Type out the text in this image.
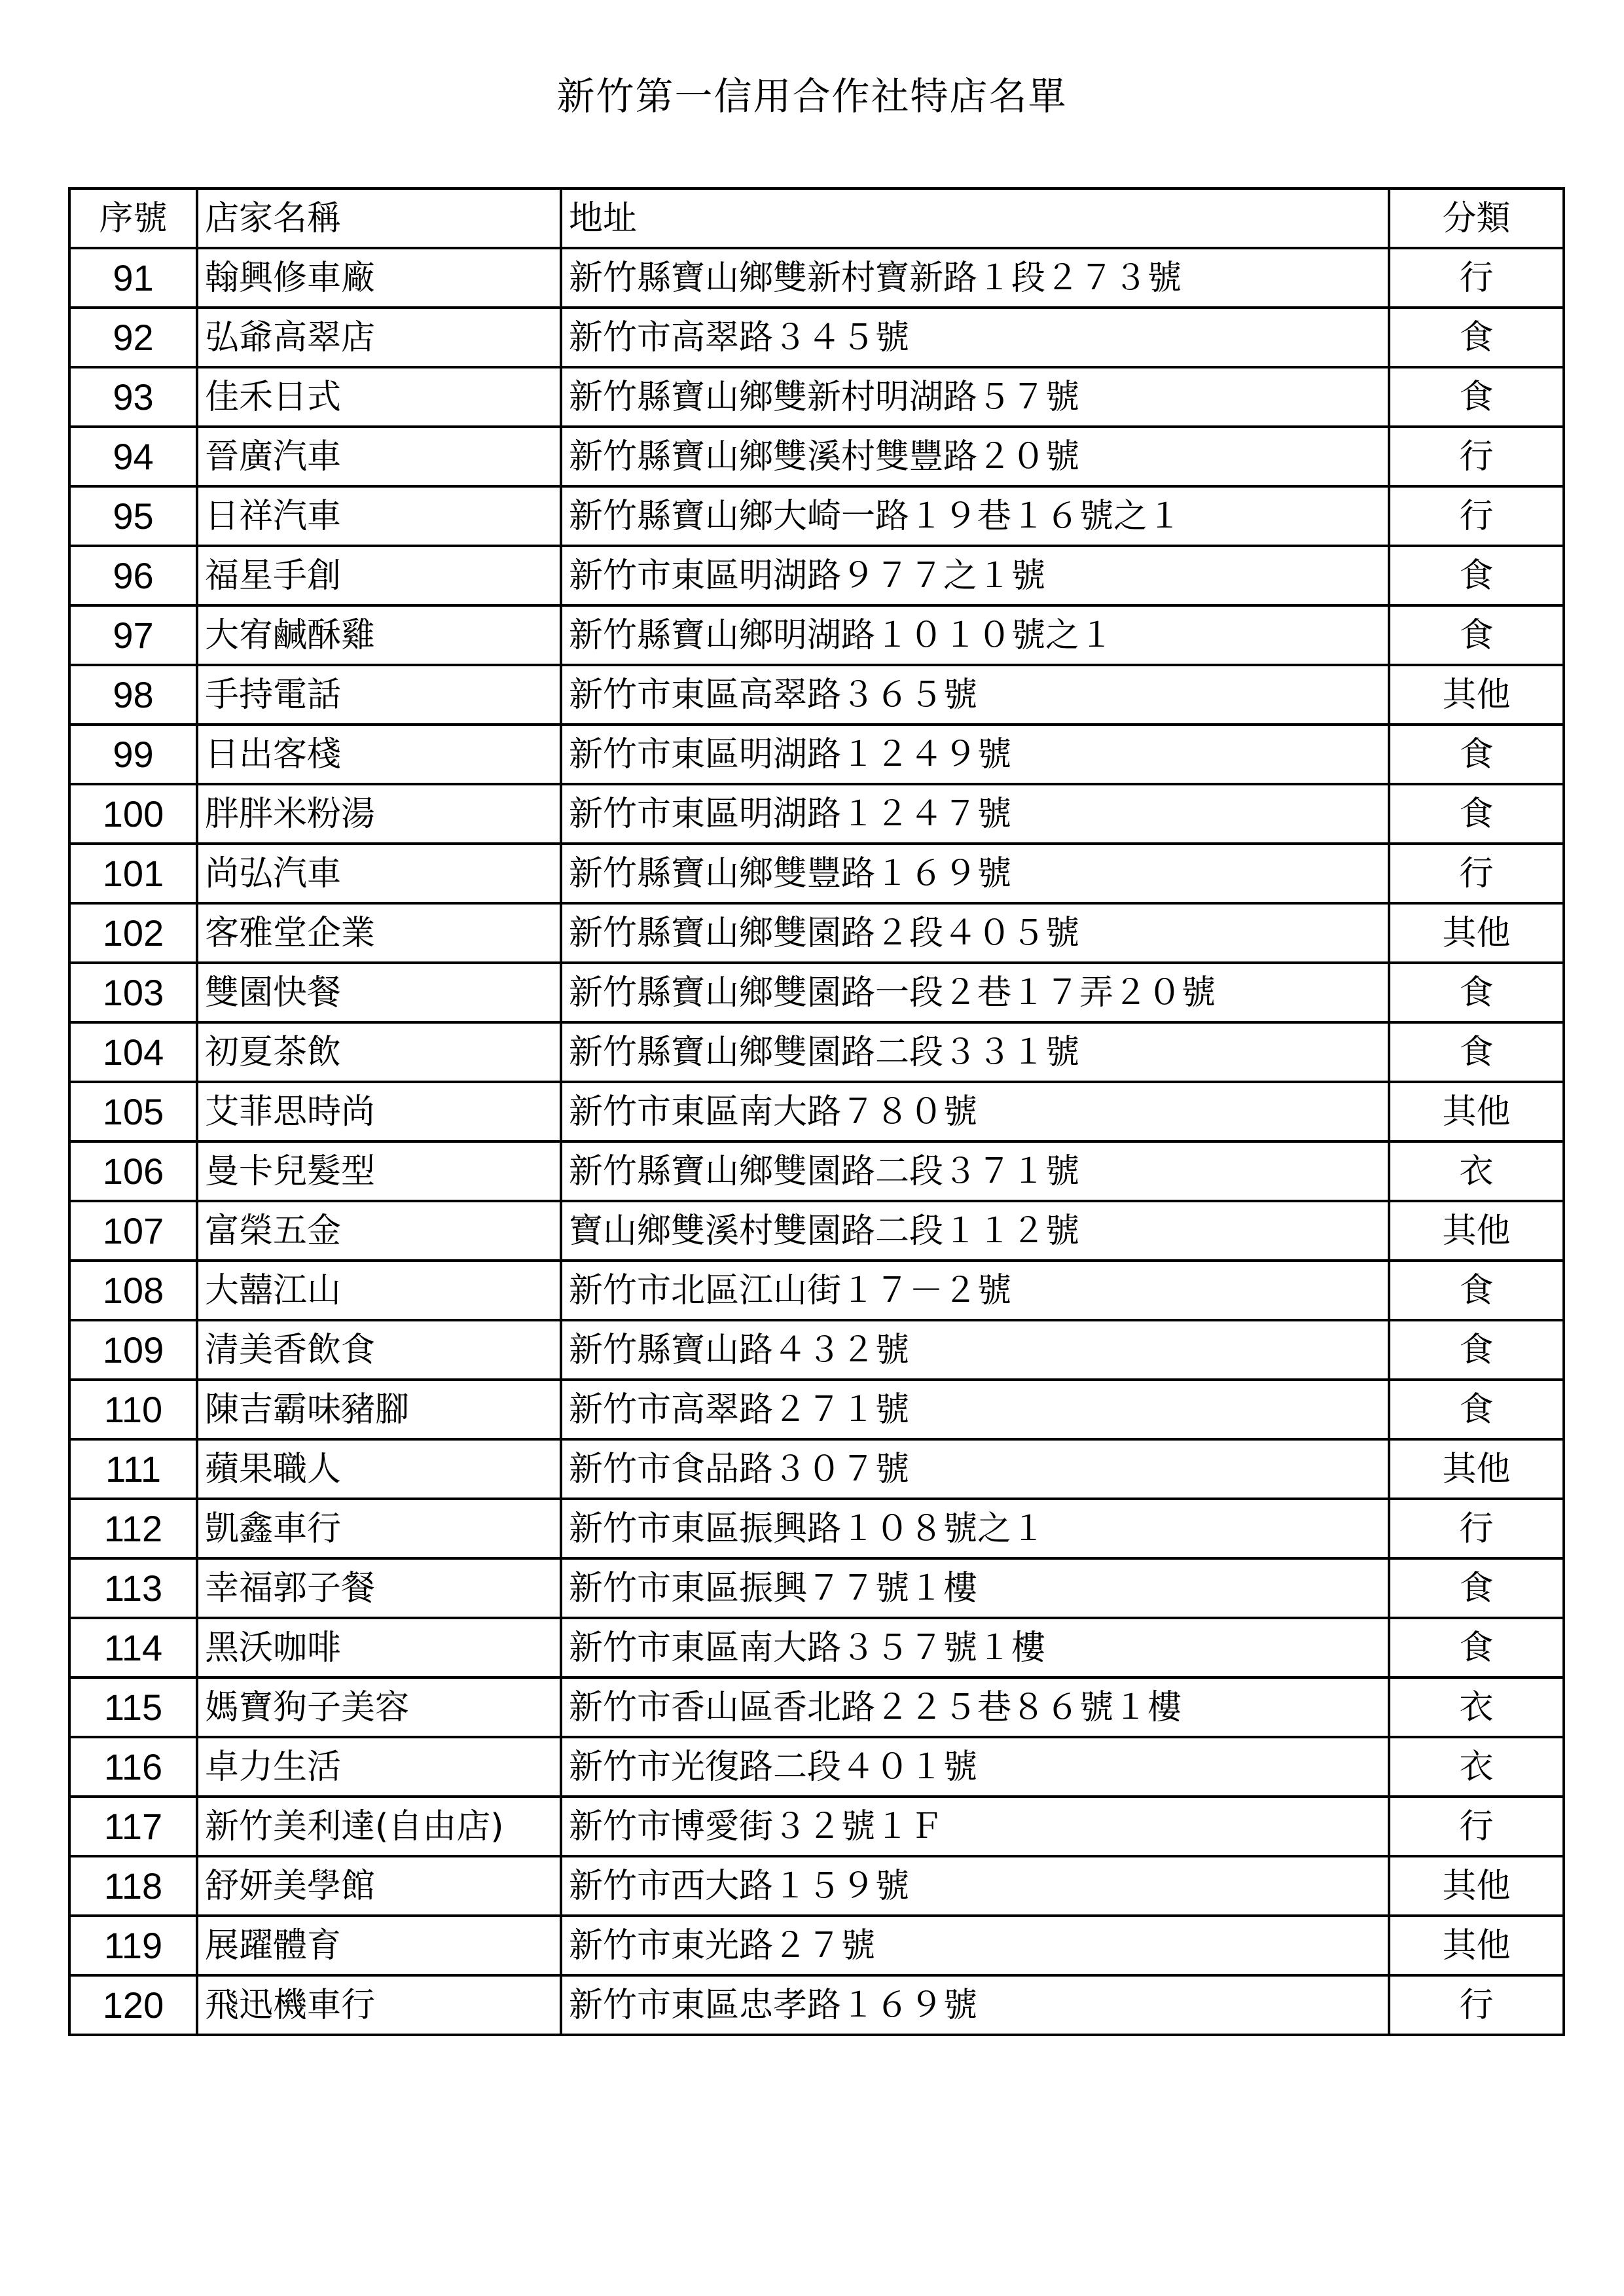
新竹第一信用合作社特店名單
序號	店家名稱	地址	分類
91	翰興修車廠	新竹縣寶山鄉雙新村寶新路１段２７３號	行
92	弘爺高翠店	新竹市高翠路３４５號	食
93	佳禾日式	新竹縣寶山鄉雙新村明湖路５７號	食
94	晉廣汽車	新竹縣寶山鄉雙溪村雙豐路２０號	行
95	日祥汽車	新竹縣寶山鄉大崎一路１９巷１６號之１	行
96	福星手創	新竹市東區明湖路９７７之１號	食
97	大宥鹹酥雞	新竹縣寶山鄉明湖路１０１０號之１	食
98	手持電話	新竹市東區高翠路３６５號	其他
99	日出客棧	新竹市東區明湖路１２４９號	食
100	胖胖米粉湯	新竹市東區明湖路１２４７號	食
101	尚弘汽車	新竹縣寶山鄉雙豐路１６９號	行
102	客雅堂企業	新竹縣寶山鄉雙園路２段４０５號	其他
103	雙園快餐	新竹縣寶山鄉雙園路一段２巷１７弄２０號	食
104	初夏茶飲	新竹縣寶山鄉雙園路二段３３１號	食
105	艾菲思時尚	新竹市東區南大路７８０號	其他
106	曼卡兒髮型	新竹縣寶山鄉雙園路二段３７１號	衣
107	富榮五金	寶山鄉雙溪村雙園路二段１１２號	其他
108	大囍江山	新竹市北區江山街１７－２號	食
109	清美香飲食	新竹縣寶山路４３２號	食
110	陳吉霸味豬腳	新竹市高翠路２７１號	食
111	蘋果職人	新竹市食品路３０７號	其他
112	凱鑫車行	新竹市東區振興路１０８號之１	行
113	幸福郭子餐	新竹市東區振興７７號１樓	食
114	黑沃咖啡	新竹市東區南大路３５７號１樓	食
115	媽寶狗子美容	新竹市香山區香北路２２５巷８６號１樓	衣
116	卓力生活	新竹市光復路二段４０１號	衣
117	新竹美利達(自由店)	新竹市博愛街３２號１Ｆ	行
118	舒妍美學館	新竹市西大路１５９號	其他
119	展躍體育	新竹市東光路２７號	其他
120	飛迅機車行	新竹市東區忠孝路１６９號	行
